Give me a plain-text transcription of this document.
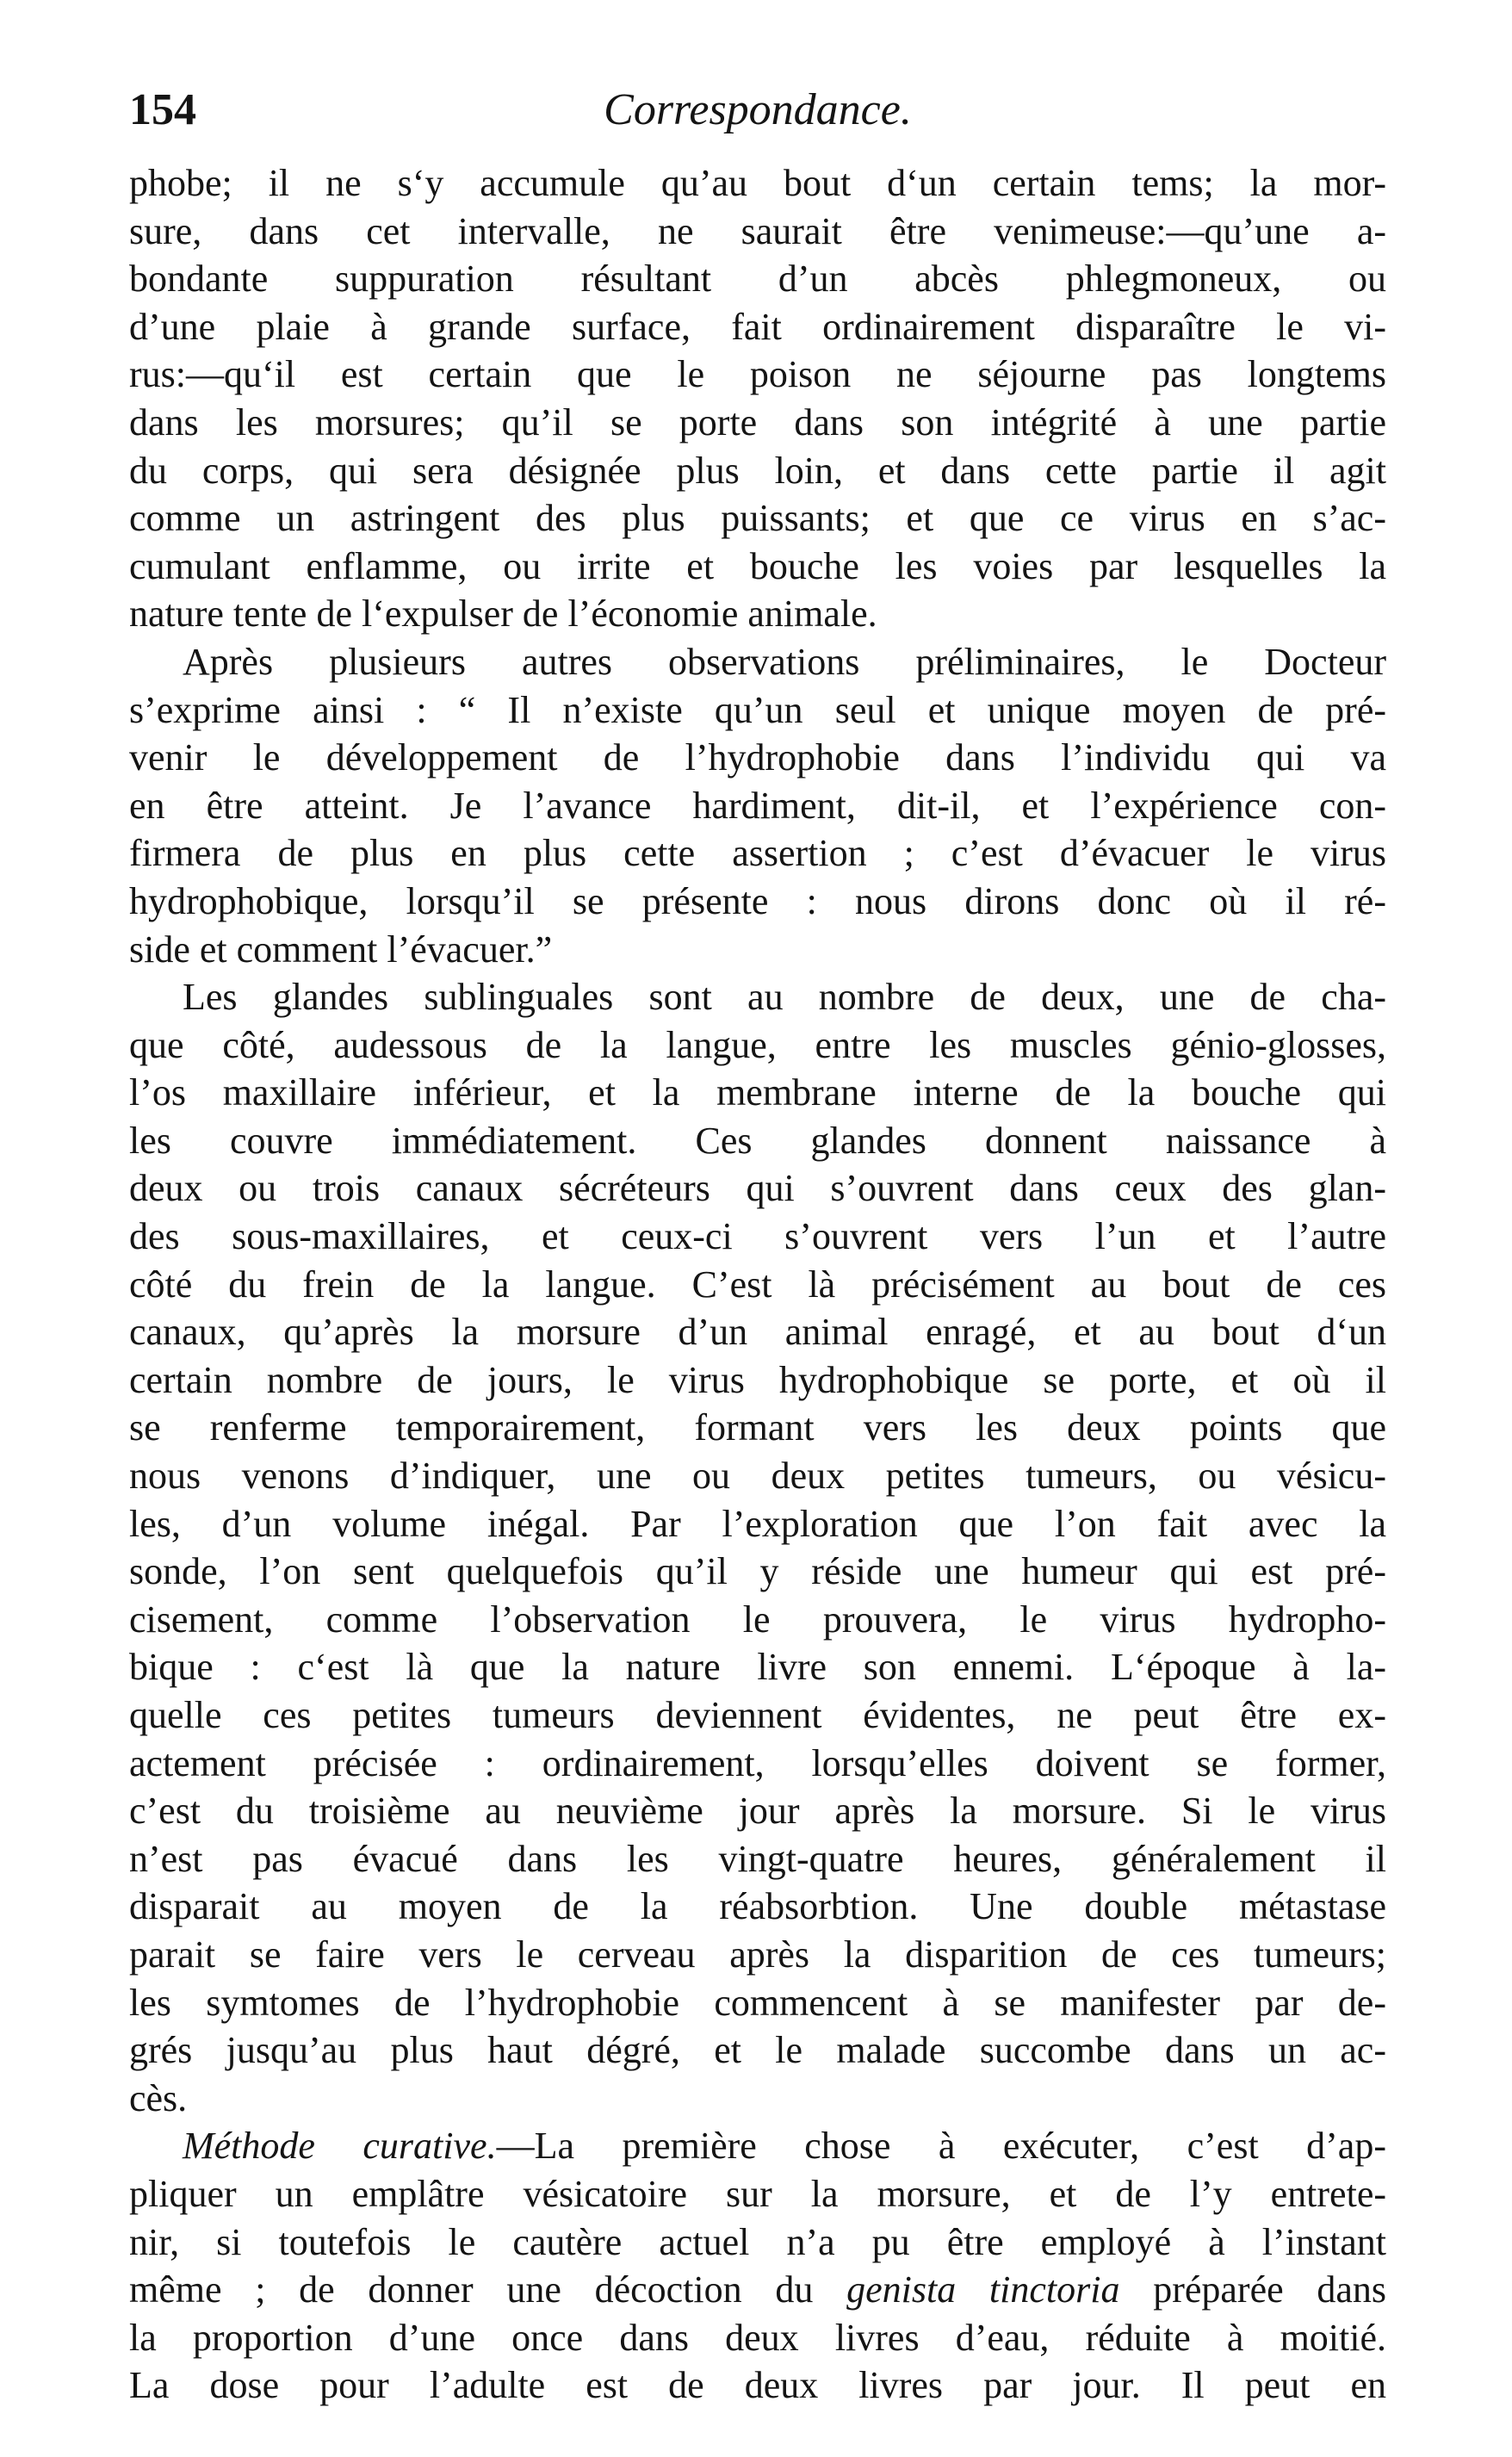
154	Correspondance.
phobe; il ne s‘y accumule qu’au bout d‘un certain tems; la mor-
sure, dans cet intervalle, ne saurait être venimeuse:—qu’une a-
bondante suppuration résultant d’un abcès phlegmoneux, ou
d’une plaie à grande surface, fait ordinairement disparaître le vi-
rus:—qu‘il est certain que le poison ne séjourne pas longtems
dans les morsures; qu’il se porte dans son intégrité à une partie
du corps, qui sera désignée plus loin, et dans cette partie il agit
comme un astringent des plus puissants; et que ce virus en s’ac-
cumulant enflamme, ou irrite et bouche les voies par lesquelles la
nature tente de l‘expulser de l’économie animale.
Après plusieurs autres observations préliminaires, le Docteur
s’exprime ainsi : “ Il n’existe qu’un seul et unique moyen de pré-
venir le développement de l’hydrophobie dans l’individu qui va
en être atteint. Je l’avance hardiment, dit-il, et l’expérience con-
firmera de plus en plus cette assertion ; c’est d’évacuer le virus
hydrophobique, lorsqu’il se présente : nous dirons donc où il ré-
side et comment l’évacuer.”
Les glandes sublinguales sont au nombre de deux, une de cha-
que côté, audessous de la langue, entre les muscles génio-glosses,
l’os maxillaire inférieur, et la membrane interne de la bouche qui
les couvre immédiatement. Ces glandes donnent naissance à
deux ou trois canaux sécréteurs qui s’ouvrent dans ceux des glan-
des sous-maxillaires, et ceux-ci s’ouvrent vers l’un et l’autre
côté du frein de la langue. C’est là précisément au bout de ces
canaux, qu’après la morsure d’un animal enragé, et au bout d‘un
certain nombre de jours, le virus hydrophobique se porte, et où il
se renferme temporairement, formant vers les deux points que
nous venons d’indiquer, une ou deux petites tumeurs, ou vésicu-
les, d’un volume inégal. Par l’exploration que l’on fait avec la
sonde, l’on sent quelquefois qu’il y réside une humeur qui est pré-
cisement, comme l’observation le prouvera, le virus hydropho-
bique : c‘est là que la nature livre son ennemi. L‘époque à la-
quelle ces petites tumeurs deviennent évidentes, ne peut être ex-
actement précisée : ordinairement, lorsqu’elles doivent se former,
c’est du troisième au neuvième jour après la morsure. Si le virus
n’est pas évacué dans les vingt-quatre heures, généralement il
disparait au moyen de la réabsorbtion. Une double métastase
parait se faire vers le cerveau après la disparition de ces tumeurs;
les symtomes de l’hydrophobie commencent à se manifester par de-
grés jusqu’au plus haut dégré, et le malade succombe dans un ac-
cès.
Méthode curative.—La première chose à exécuter, c’est d’ap-
pliquer un emplâtre vésicatoire sur la morsure, et de l’y entrete-
nir, si toutefois le cautère actuel n’a pu être employé à l’instant
même ; de donner une décoction du genista tinctoria préparée dans
la proportion d’une once dans deux livres d’eau, réduite à moitié.
La dose pour l’adulte est de deux livres par jour. Il peut en
